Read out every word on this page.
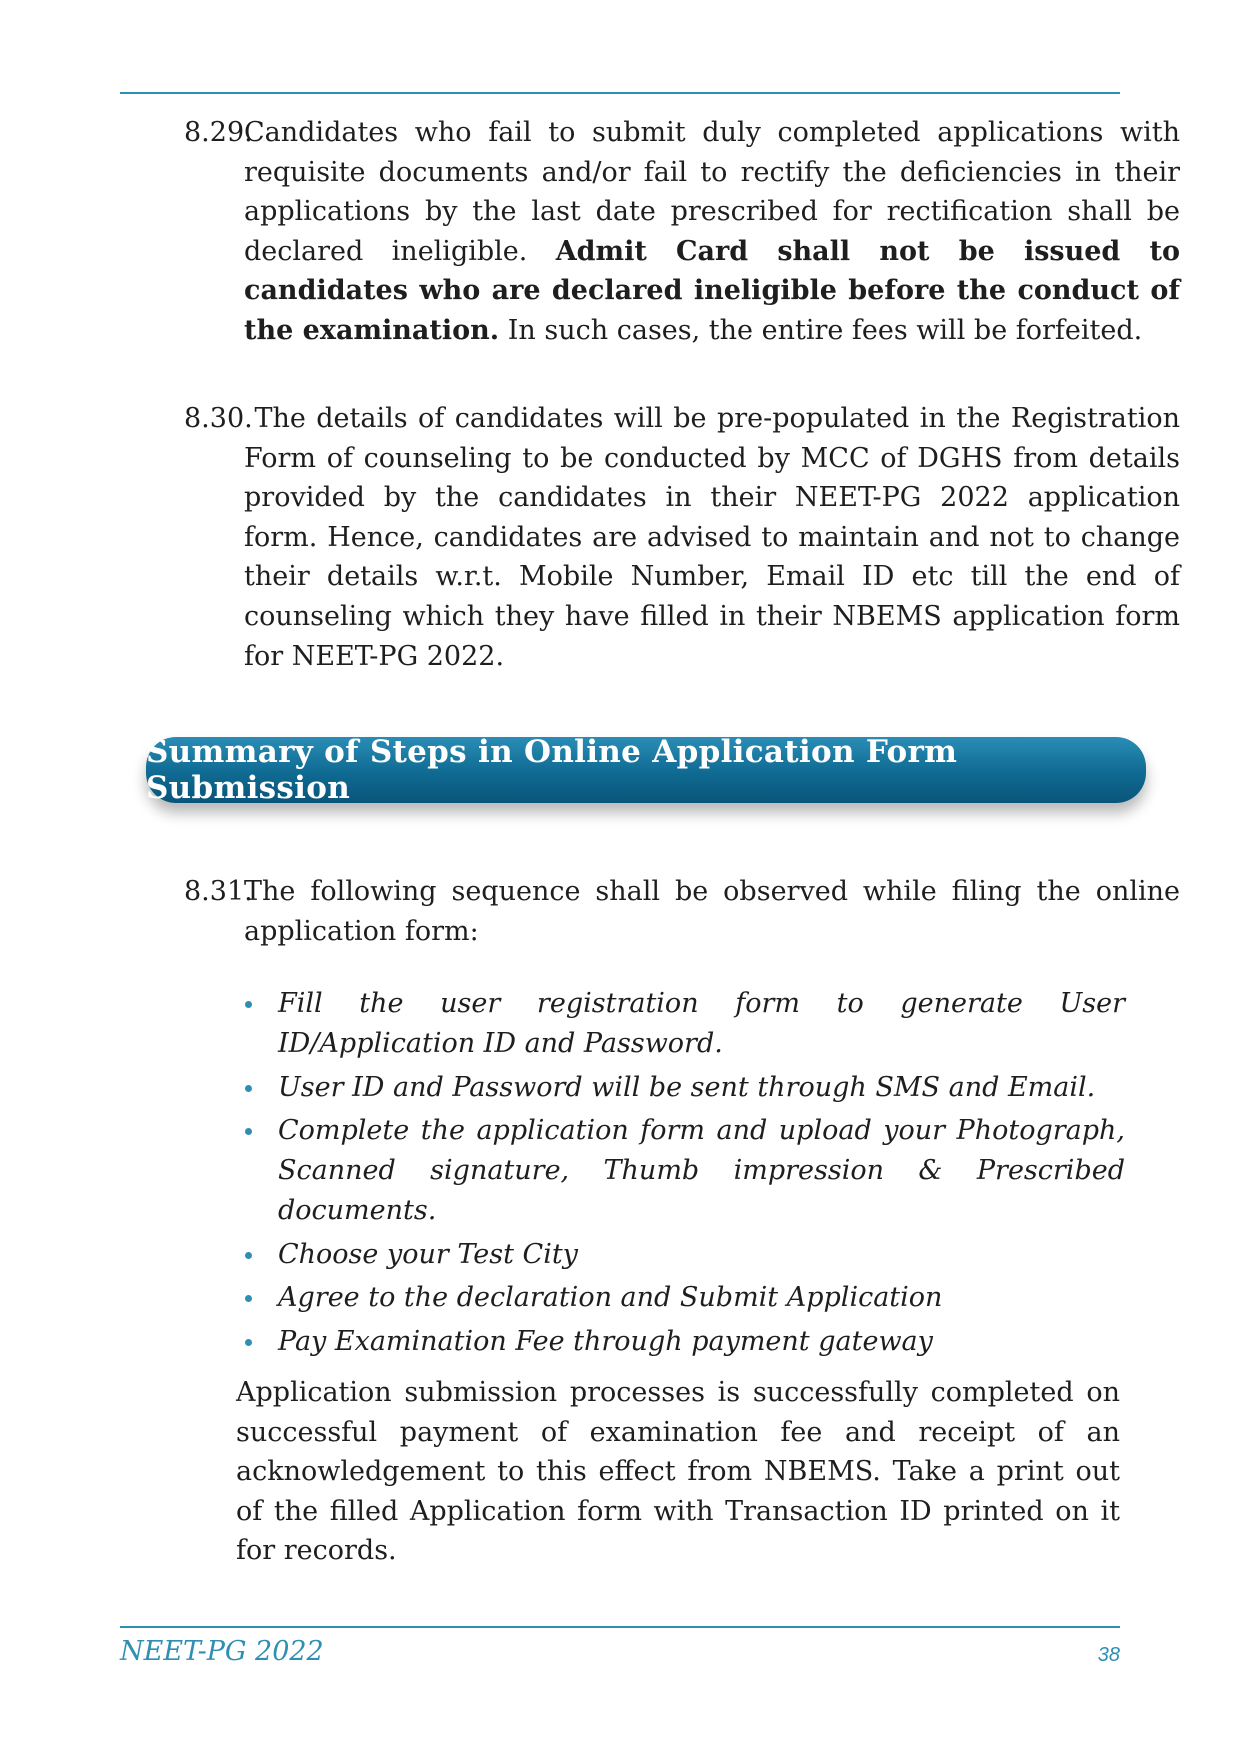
8.29.Candidates who fail to submit duly completed applications with requisite documents and/or fail to rectify the deficiencies in their applications by the last date prescribed for rectification shall be declared ineligible. Admit Card shall not be issued to candidates who are declared ineligible before the conduct of the examination. In such cases, the entire fees will be forfeited.
8.30. The details of candidates will be pre-populated in the Registration Form of counseling to be conducted by MCC of DGHS from details provided by the candidates in their NEET-PG 2022 application form. Hence, candidates are advised to maintain and not to change their details w.r.t. Mobile Number, Email ID etc till the end of counseling which they have filled in their NBEMS application form for NEET-PG 2022.
Summary of Steps in Online Application Form Submission
8.31.The following sequence shall be observed while filing the online application form:
Fill the user registration form to generate User ID/Application ID and Password.
User ID and Password will be sent through SMS and Email.
Complete the application form and upload your Photograph, Scanned signature, Thumb impression & Prescribed documents.
Choose your Test City
Agree to the declaration and Submit Application
Pay Examination Fee through payment gateway
Application submission processes is successfully completed on successful payment of examination fee and receipt of an acknowledgement to this effect from NBEMS. Take a print out of the filled Application form with Transaction ID printed on it for records.
NEET-PG 2022	38
